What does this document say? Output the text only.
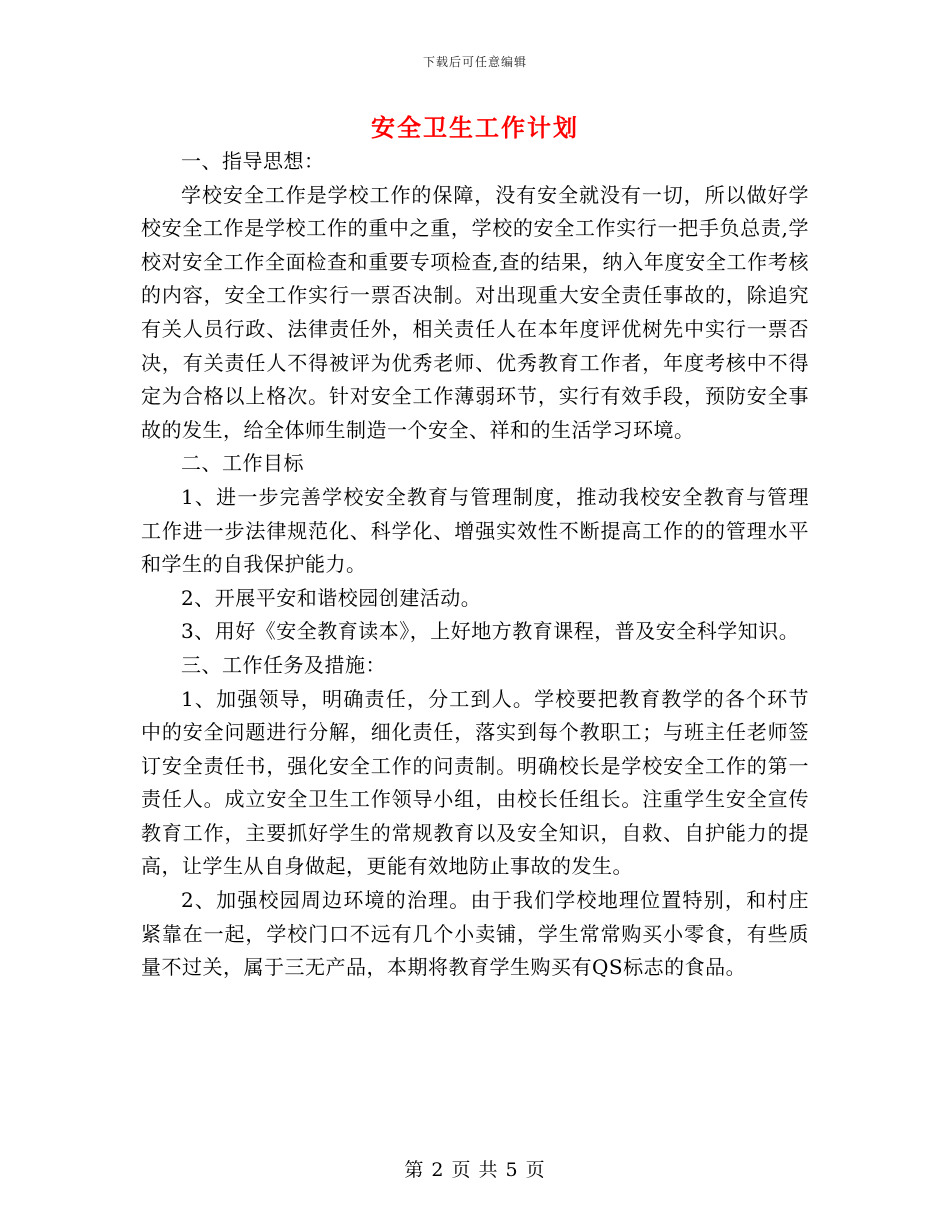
下载后可任意编辑
安全卫生工作计划

一、指导思想：

学校安全工作是学校工作的保障，没有安全就没有一切，所以做好学校安全工作是学校工作的重中之重，学校的安全工作实行一把手负总责,学校对安全工作全面检查和重要专项检查,查的结果，纳入年度安全工作考核的内容，安全工作实行一票否决制。对出现重大安全责任事故的，除追究有关人员行政、法律责任外，相关责任人在本年度评优树先中实行一票否决，有关责任人不得被评为优秀老师、优秀教育工作者，年度考核中不得定为合格以上格次。针对安全工作薄弱环节，实行有效手段，预防安全事故的发生，给全体师生制造一个安全、祥和的生活学习环境。

二、工作目标

1、进一步完善学校安全教育与管理制度，推动我校安全教育与管理工作进一步法律规范化、科学化、增强实效性不断提高工作的的管理水平和学生的自我保护能力。

2、开展平安和谐校园创建活动。

3、用好《安全教育读本》，上好地方教育课程，普及安全科学知识。

三、工作任务及措施：

1、加强领导，明确责任，分工到人。学校要把教育教学的各个环节中的安全问题进行分解，细化责任，落实到每个教职工；与班主任老师签订安全责任书，强化安全工作的问责制。明确校长是学校安全工作的第一责任人。成立安全卫生工作领导小组，由校长任组长。注重学生安全宣传教育工作，主要抓好学生的常规教育以及安全知识，自救、自护能力的提高，让学生从自身做起，更能有效地防止事故的发生。

2、加强校园周边环境的治理。由于我们学校地理位置特别，和村庄紧靠在一起，学校门口不远有几个小卖铺，学生常常购买小零食，有些质量不过关，属于三无产品，本期将教育学生购买有QS标志的食品。

第 2 页 共 5 页
